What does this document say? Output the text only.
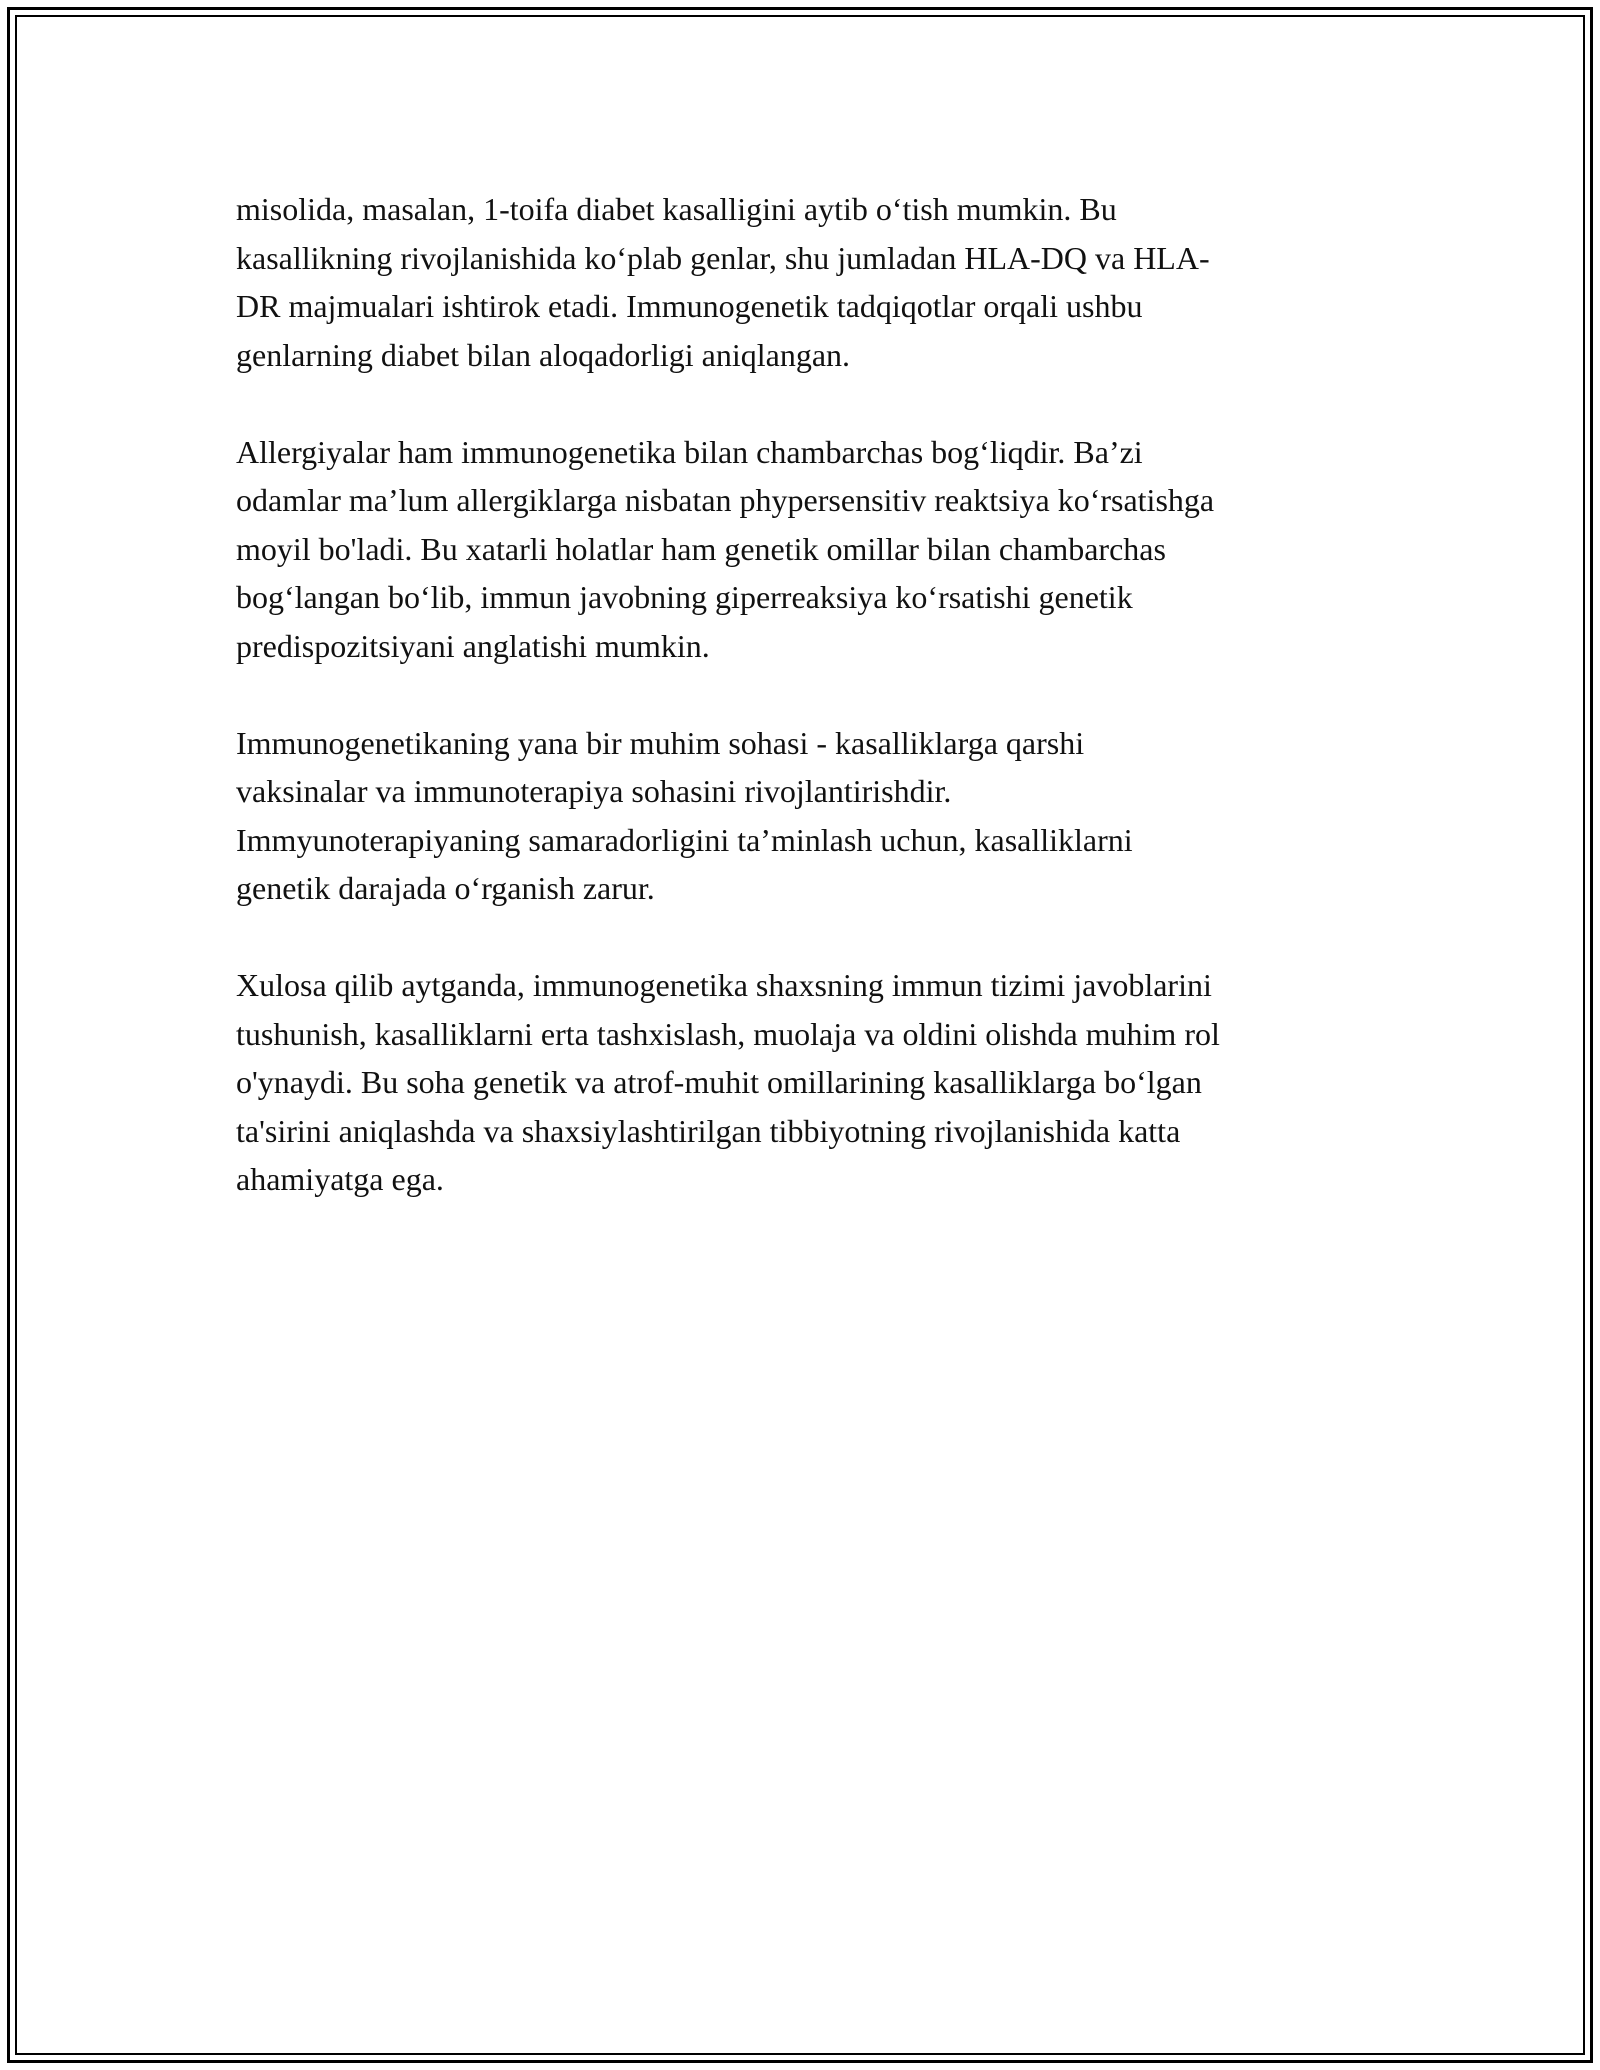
misolida, masalan, 1-toifa diabet kasalligini aytib o‘tish mumkin. Bu
kasallikning rivojlanishida ko‘plab genlar, shu jumladan HLA-DQ va HLA-
DR majmualari ishtirok etadi. Immunogenetik tadqiqotlar orqali ushbu
genlarning diabet bilan aloqadorligi aniqlangan.

Allergiyalar ham immunogenetika bilan chambarchas bog‘liqdir. Ba’zi
odamlar ma’lum allergiklarga nisbatan phypersensitiv reaktsiya ko‘rsatishga
moyil bo'ladi. Bu xatarli holatlar ham genetik omillar bilan chambarchas
bog‘langan bo‘lib, immun javobning giperreaksiya ko‘rsatishi genetik
predispozitsiyani anglatishi mumkin.

Immunogenetikaning yana bir muhim sohasi - kasalliklarga qarshi
vaksinalar va immunoterapiya sohasini rivojlantirishdir.
Immyunoterapiyaning samaradorligini ta’minlash uchun, kasalliklarni
genetik darajada o‘rganish zarur.

Xulosa qilib aytganda, immunogenetika shaxsning immun tizimi javoblarini
tushunish, kasalliklarni erta tashxislash, muolaja va oldini olishda muhim rol
o'ynaydi. Bu soha genetik va atrof-muhit omillarining kasalliklarga bo‘lgan
ta'sirini aniqlashda va shaxsiylashtirilgan tibbiyotning rivojlanishida katta
ahamiyatga ega.
